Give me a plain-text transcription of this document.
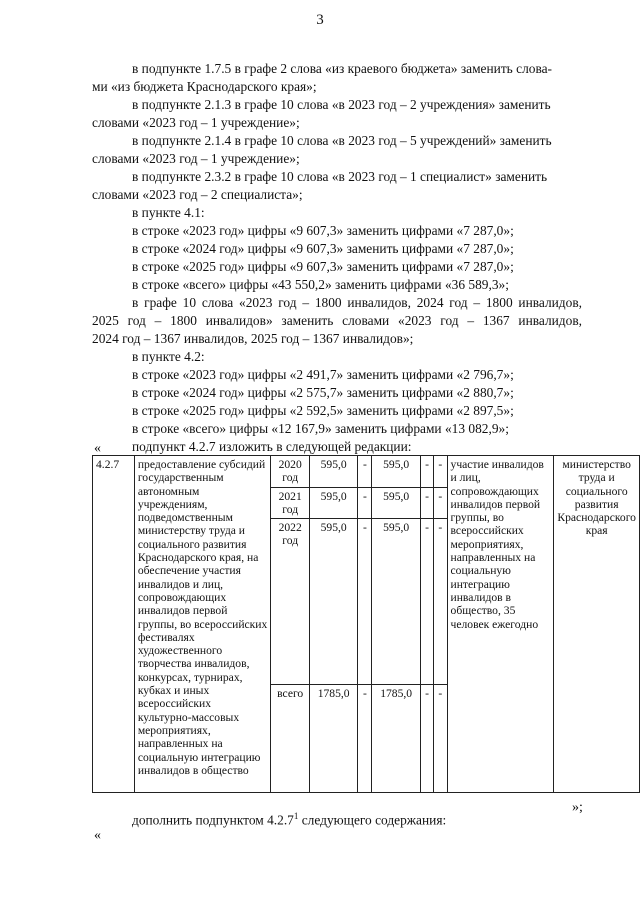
3
в подпункте 1.7.5 в графе 2 слова «из краевого бюджета» заменить слова-
ми «из бюджета Краснодарского края»;
в подпункте 2.1.3 в графе 10 слова «в 2023 год – 2 учреждения» заменить
словами «2023 год – 1 учреждение»;
в подпункте 2.1.4 в графе 10 слова «в 2023 год – 5 учреждений» заменить
словами «2023 год – 1 учреждение»;
в подпункте 2.3.2 в графе 10 слова «в 2023 год – 1 специалист» заменить
словами «2023 год – 2 специалиста»;
в пункте 4.1:
в строке «2023 год» цифры «9 607,3» заменить цифрами «7 287,0»;
в строке «2024 год» цифры «9 607,3» заменить цифрами «7 287,0»;
в строке «2025 год» цифры «9 607,3» заменить цифрами «7 287,0»;
в строке «всего» цифры «43 550,2» заменить цифрами «36 589,3»;
в графе 10 слова «2023 год – 1800 инвалидов, 2024 год – 1800 инвалидов,
2025 год – 1800 инвалидов» заменить словами «2023 год – 1367 инвалидов,
2024 год – 1367 инвалидов, 2025 год – 1367 инвалидов»;
в пункте 4.2:
в строке «2023 год» цифры «2 491,7» заменить цифрами «2 796,7»;
в строке «2024 год» цифры «2 575,7» заменить цифрами «2 880,7»;
в строке «2025 год» цифры «2 592,5» заменить цифрами «2 897,5»;
в строке «всего» цифры «12 167,9» заменить цифрами «13 082,9»;
подпункт 4.2.7 изложить в следующей редакции:
«
4.2.7	предоставление субсидий государственным автономным учреждениям, подведомственным министерству труда и социального развития Краснодарского края, на обеспечение участия инвалидов и лиц, сопровождающих инвалидов первой группы, во всероссийских фестивалях художественного творчества инвалидов, конкурсах, турнирах, кубках и иных всероссийских культурно-массовых мероприятиях, направленных на социальную интеграцию инвалидов в общество	2020 год	595,0	-	595,0	-	-	участие инвалидов и лиц, сопровождающих инвалидов первой группы, во всероссийских мероприятиях, направленных на социальную интеграцию инвалидов в общество, 35 человек ежегодно	министерство труда и социального развития Краснодарского края
		2021 год	595,0	-	595,0	-	-		
		2022 год	595,0	-	595,0	-	-		
		всего	1785,0	-	1785,0	-	-		
»;
дополнить подпунктом 4.2.7$^1$ следующего содержания:
«
